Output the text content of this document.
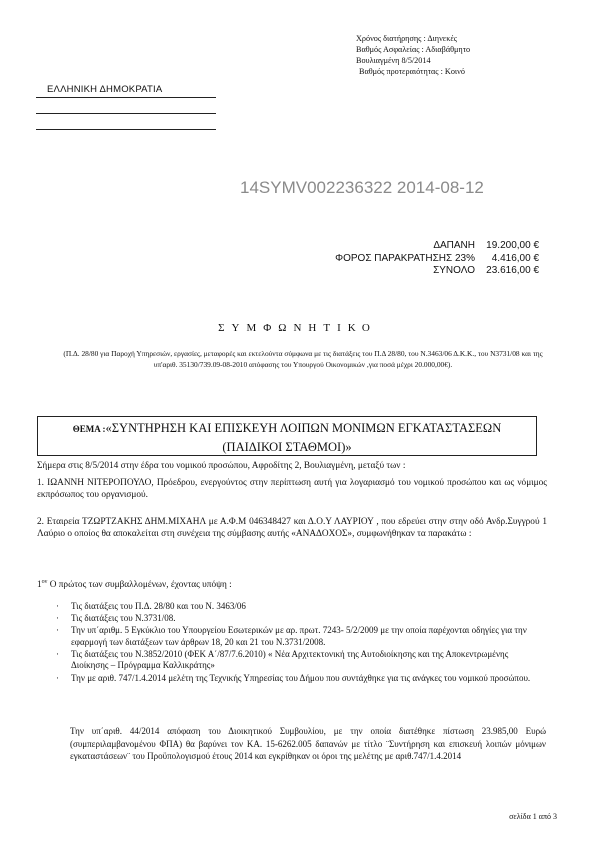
Χρόνος διατήρησης : Διηνεκές
Βαθμός Ασφαλείας : Αδιαβάθμητο
Βουλιαγμένη 8/5/2014
Βαθμός προτεραιότητας : Κοινό
ΕΛΛΗΝΙΚΗ ΔΗΜΟΚΡΑΤΙΑ
14SYMV002236322 2014-08-12
ΔΑΠΑΝΗ 19.200,00 €
ΦΟΡΟΣ ΠΑΡΑΚΡΑΤΗΣΗΣ 23% 4.416,00 €
ΣΥΝΟΛΟ 23.616,00 €
ΣΥΜΦΩΝΗΤΙΚΟ
(Π.Δ. 28/80 για Παροχή Υπηρεσιών, εργασίες, μεταφορές και εκτελούντα σύμφωνα με τις διατάξεις του Π.Δ 28/80, του Ν.3463/06 Δ.Κ.Κ., του Ν3731/08 και της υπ'αριθ. 35130/739.09-08-2010 απόφασης του Υπουργού Οικονομικών ,για ποσά μέχρι 20.000,00€).
ΘΕΜΑ :«ΣΥΝΤΗΡΗΣΗ ΚΑΙ ΕΠΙΣΚΕΥΗ ΛΟΙΠΩΝ ΜΟΝΙΜΩΝ ΕΓΚΑΤΑΣΤΑΣΕΩΝ
(ΠΑΙΔΙΚΟΙ ΣΤΑΘΜΟΙ)»
Σήμερα στις 8/5/2014 στην έδρα του νομικού προσώπου, Αφροδίτης 2, Βουλιαγμένη, μεταξύ των :
1. ΙΩΑΝΝΗ ΝΙΤΕΡΟΠΟΥΛΟ, Πρόεδρου, ενεργούντος στην περίπτωση αυτή για λογαριασμό του νομικού προσώπου και ως νόμιμος εκπρόσωπος του οργανισμού.
2. Εταιρεία ΤΖΩΡΤΖΑΚΗΣ ΔΗΜ.ΜΙΧΑΗΛ με Α.Φ.Μ 046348427 και Δ.Ο.Υ ΛΑΥΡΙΟΥ , που εδρεύει στην στην οδό Ανδρ.Συγγρού 1 Λαύριο ο οποίος θα αποκαλείται στη συνέχεια της σύμβασης αυτής «ΑΝΑΔΟΧΟΣ», συμφωνήθηκαν τα παρακάτω :
$1^{o\nu}$ Ο πρώτος των συμβαλλομένων, έχοντας υπόψη :
· Τις διατάξεις του Π.Δ. 28/80 και του Ν. 3463/06
· Τις διατάξεις του Ν.3731/08.
· Την υπ΄αριθμ. 5 Εγκύκλιο του Υπουργείου Εσωτερικών με αρ. πρωτ. 7243- 5/2/2009 με την οποία παρέχονται οδηγίες για την εφαρμογή των διατάξεων των άρθρων 18, 20 και 21 του Ν.3731/2008.
· Τις διατάξεις του Ν.3852/2010 (ΦΕΚ Α΄/87/7.6.2010) « Νέα Αρχιτεκτονική της Αυτοδιοίκησης και της Αποκεντρωμένης Διοίκησης – Πρόγραμμα Καλλικράτης»
· Την με αριθ. 747/1.4.2014 μελέτη της Τεχνικής Υπηρεσίας του Δήμου που συντάχθηκε για τις ανάγκες του νομικού προσώπου.
Την υπ΄αριθ. 44/2014 απόφαση του Διοικητικού Συμβουλίου, με την οποία διατέθηκε πίστωση 23.985,00 Ευρώ (συμπεριλαμβανομένου ΦΠΑ) θα βαρύνει τον ΚΑ. 15-6262.005 δαπανών με τίτλο ¨Συντήρηση και επισκευή λοιπών μόνιμων εγκαταστάσεων¨ του Προϋπολογισμού έτους 2014 και εγκρίθηκαν οι όροι της μελέτης με αριθ.747/1.4.2014
σελίδα 1 από 3
